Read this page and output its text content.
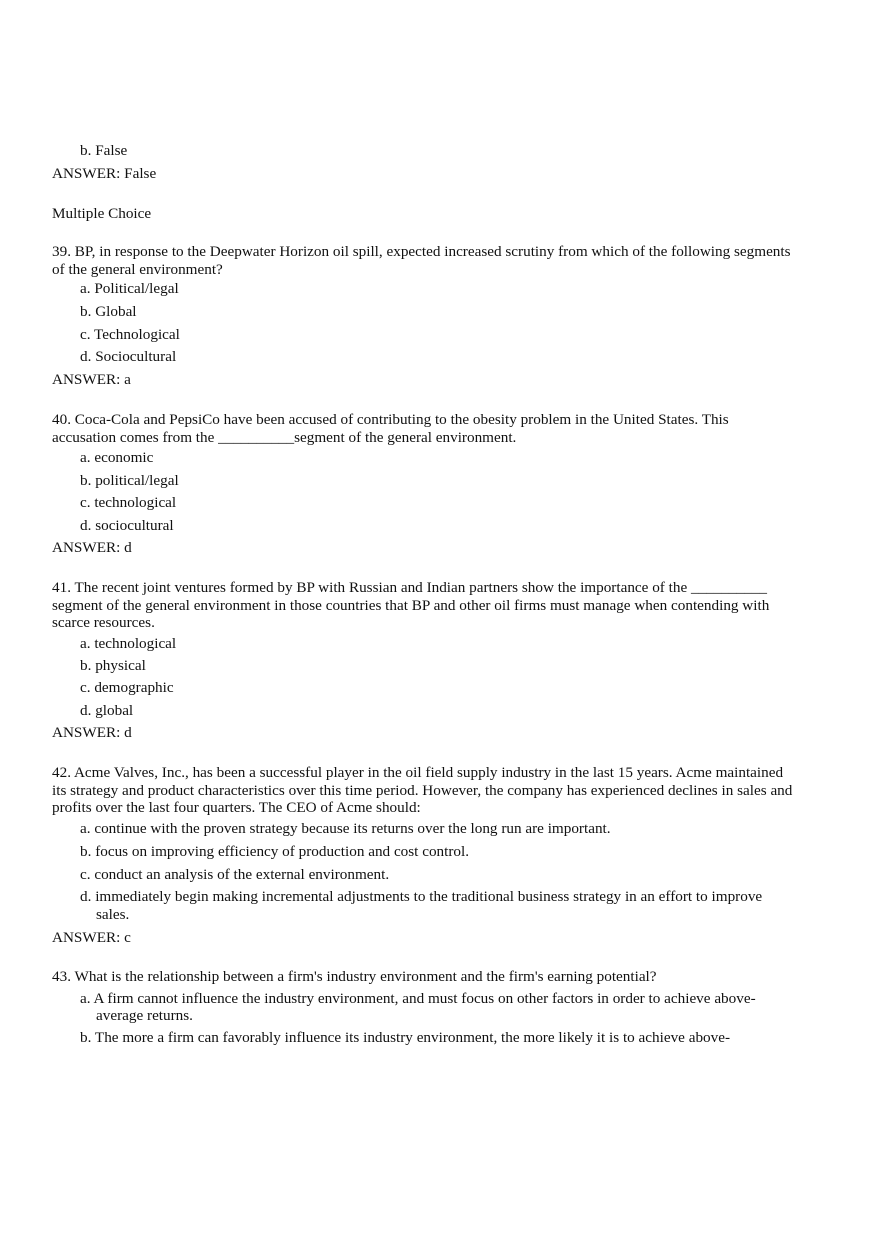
b. False
ANSWER: False
Multiple Choice
39. BP, in response to the Deepwater Horizon oil spill, expected increased scrutiny from which of the following segments
of the general environment?
a. Political/legal
b. Global
c. Technological
d. Sociocultural
ANSWER: a
40. Coca-Cola and PepsiCo have been accused of contributing to the obesity problem in the United States. This
accusation comes from the __________segment of the general environment.
a. economic
b. political/legal
c. technological
d. sociocultural
ANSWER: d
41. The recent joint ventures formed by BP with Russian and Indian partners show the importance of the __________
segment of the general environment in those countries that BP and other oil firms must manage when contending with
scarce resources.
a. technological
b. physical
c. demographic
d. global
ANSWER: d
42. Acme Valves, Inc., has been a successful player in the oil field supply industry in the last 15 years. Acme maintained
its strategy and product characteristics over this time period. However, the company has experienced declines in sales and
profits over the last four quarters. The CEO of Acme should:
a. continue with the proven strategy because its returns over the long run are important.
b. focus on improving efficiency of production and cost control.
c. conduct an analysis of the external environment.
d. immediately begin making incremental adjustments to the traditional business strategy in an effort to improve
sales.
ANSWER: c
43. What is the relationship between a firm's industry environment and the firm's earning potential?
a. A firm cannot influence the industry environment, and must focus on other factors in order to achieve above-
average returns.
b. The more a firm can favorably influence its industry environment, the more likely it is to achieve above-
